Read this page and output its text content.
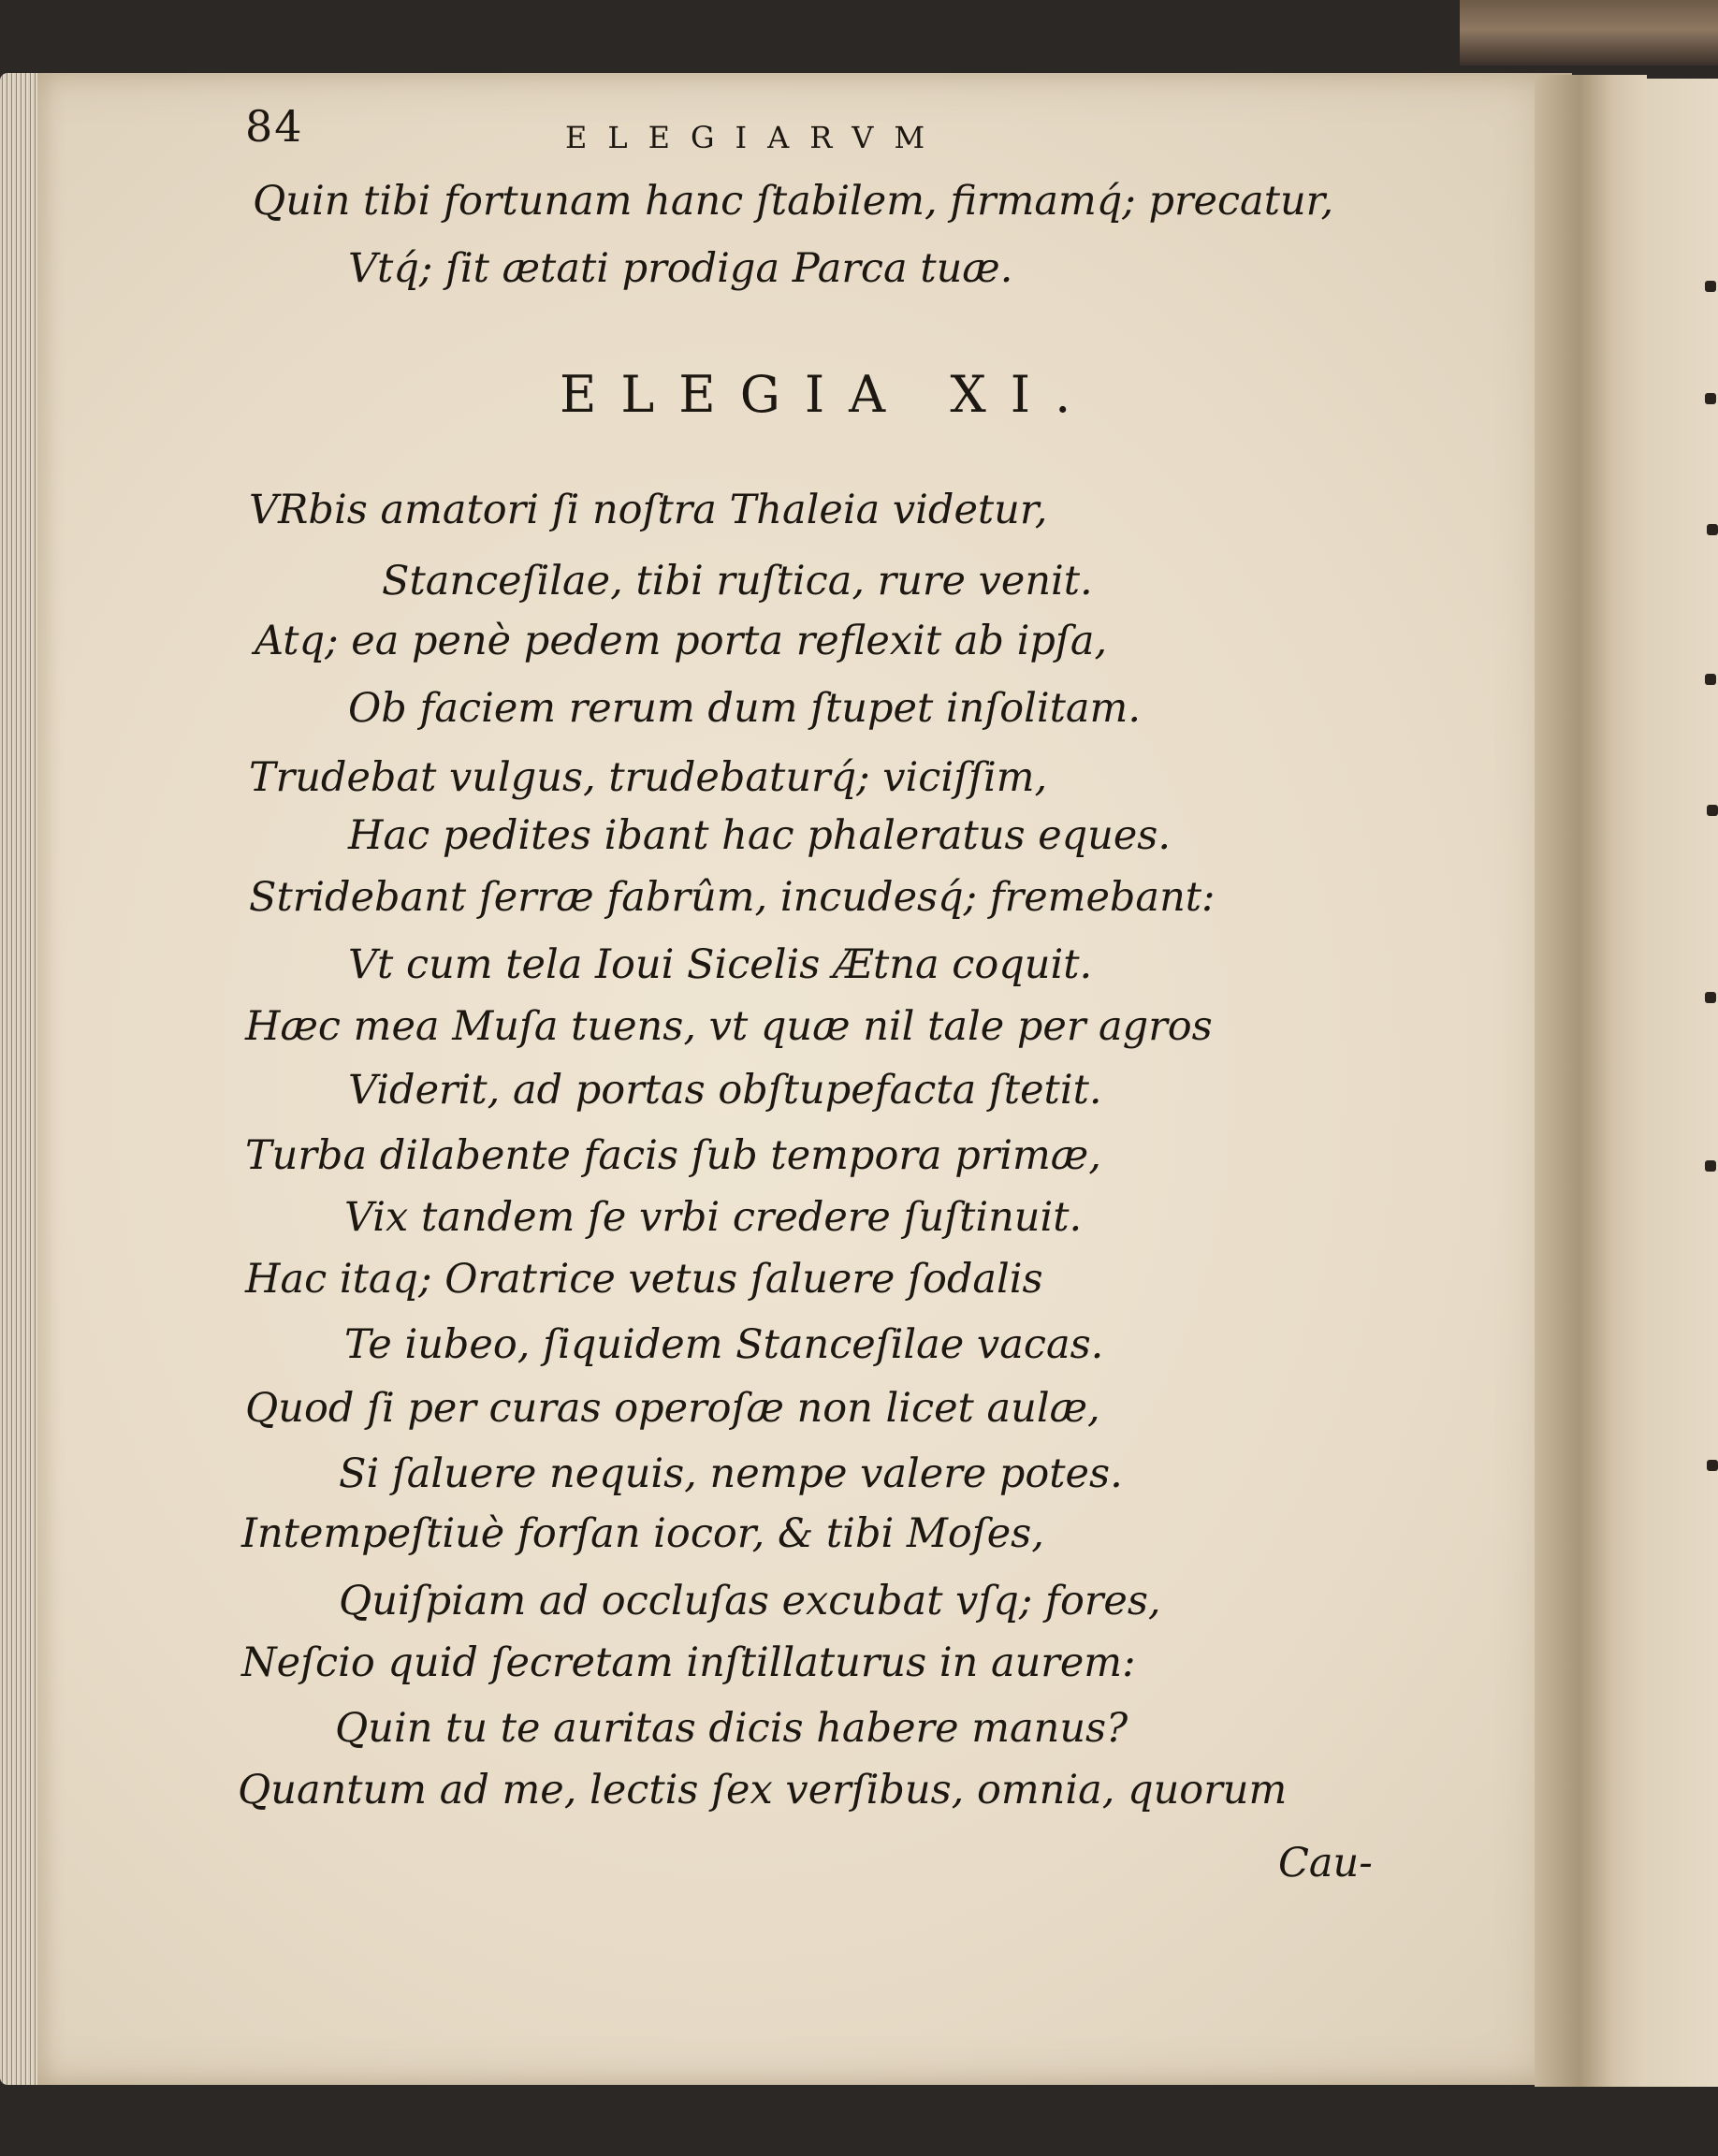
84	ELEGIARVM
Quin tibi fortunam hanc ſtabilem, firmamq́; precatur,
Vtq́; ſit ætati prodiga Parca tuæ.
ELEGIA XI.
VRbis amatori ſi noſtra Thaleia videtur,
Stanceſilae, tibi ruſtica, rure venit.
Atq; ea penè pedem porta reflexit ab ipſa,
Ob faciem rerum dum ſtupet inſolitam.
Trudebat vulgus, trudebaturq́; viciſſim,
Hac pedites ibant hac phaleratus eques.
Stridebant ſerræ fabrûm, incudesq́; fremebant:
Vt cum tela Ioui Sicelis Ætna coquit.
Hæc mea Muſa tuens, vt quæ nil tale per agros
Viderit, ad portas obſtupefacta ſtetit.
Turba dilabente facis ſub tempora primæ,
Vix tandem ſe vrbi credere ſuſtinuit.
Hac itaq; Oratrice vetus ſaluere ſodalis
Te iubeo, ſiquidem Stanceſilae vacas.
Quod ſi per curas operoſæ non licet aulæ,
Si ſaluere nequis, nempe valere potes.
Intempeſtiuè forſan iocor, & tibi Moſes,
Quiſpiam ad occluſas excubat vſq; fores,
Neſcio quid ſecretam inſtillaturus in aurem:
Quin tu te auritas dicis habere manus?
Quantum ad me, lectis ſex verſibus, omnia, quorum
Cau-
